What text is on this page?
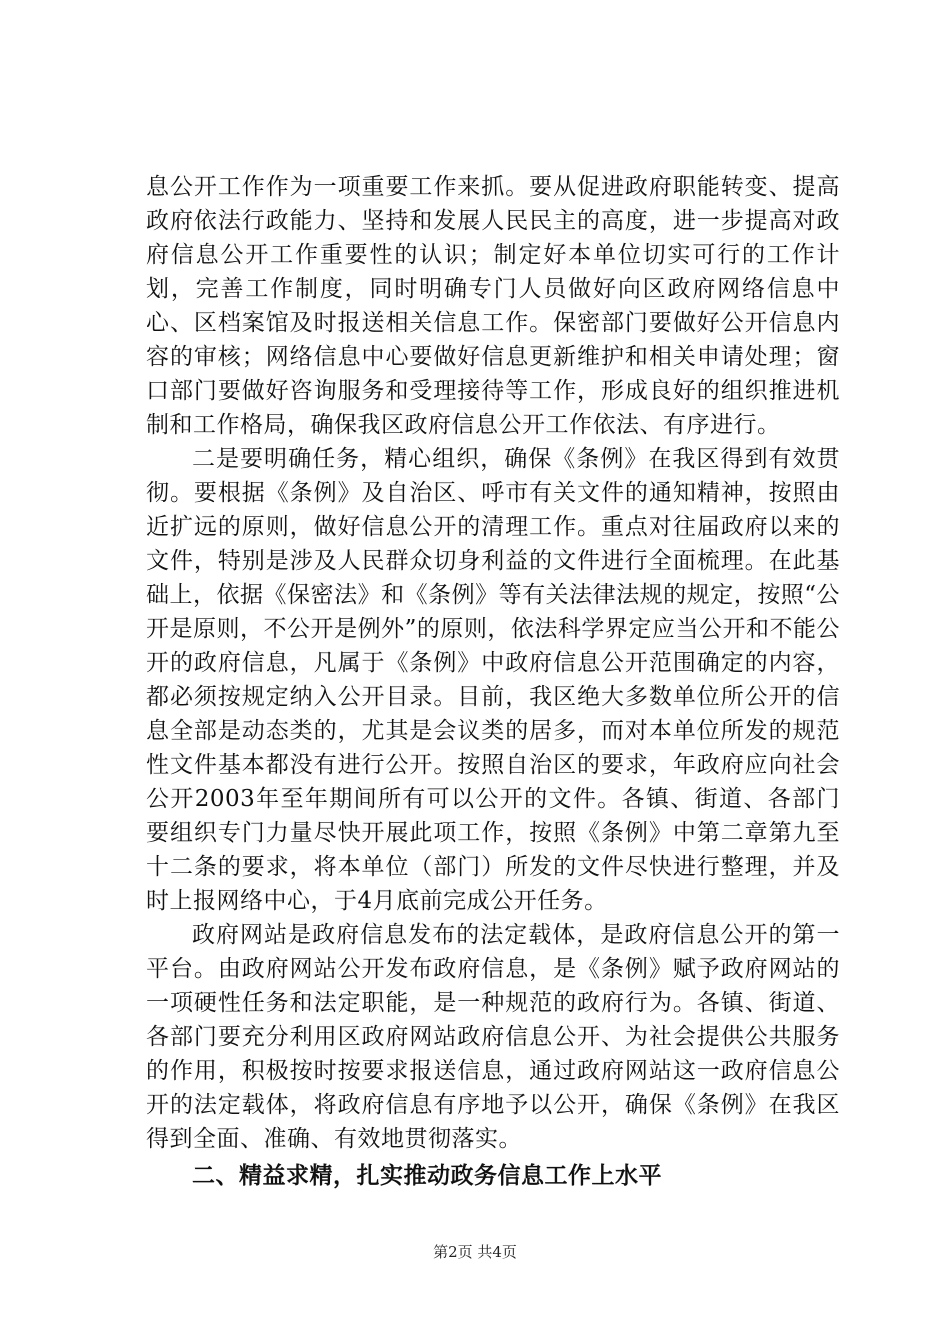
息公开工作作为一项重要工作来抓。要从促进政府职能转变、提高政府依法行政能力、坚持和发展人民民主的高度，进一步提高对政府信息公开工作重要性的认识；制定好本单位切实可行的工作计划，完善工作制度，同时明确专门人员做好向区政府网络信息中心、区档案馆及时报送相关信息工作。保密部门要做好公开信息内容的审核；网络信息中心要做好信息更新维护和相关申请处理；窗口部门要做好咨询服务和受理接待等工作，形成良好的组织推进机制和工作格局，确保我区政府信息公开工作依法、有序进行。

二是要明确任务，精心组织，确保《条例》在我区得到有效贯彻。要根据《条例》及自治区、呼市有关文件的通知精神，按照由近扩远的原则，做好信息公开的清理工作。重点对往届政府以来的文件，特别是涉及人民群众切身利益的文件进行全面梳理。在此基础上，依据《保密法》和《条例》等有关法律法规的规定，按照“公开是原则，不公开是例外”的原则，依法科学界定应当公开和不能公开的政府信息，凡属于《条例》中政府信息公开范围确定的内容，都必须按规定纳入公开目录。目前，我区绝大多数单位所公开的信息全部是动态类的，尤其是会议类的居多，而对本单位所发的规范性文件基本都没有进行公开。按照自治区的要求，年政府应向社会公开2003年至年期间所有可以公开的文件。各镇、街道、各部门要组织专门力量尽快开展此项工作，按照《条例》中第二章第九至十二条的要求，将本单位（部门）所发的文件尽快进行整理，并及时上报网络中心，于4月底前完成公开任务。

政府网站是政府信息发布的法定载体，是政府信息公开的第一平台。由政府网站公开发布政府信息，是《条例》赋予政府网站的一项硬性任务和法定职能，是一种规范的政府行为。各镇、街道、各部门要充分利用区政府网站政府信息公开、为社会提供公共服务的作用，积极按时按要求报送信息，通过政府网站这一政府信息公开的法定载体，将政府信息有序地予以公开，确保《条例》在我区得到全面、准确、有效地贯彻落实。

二、精益求精，扎实推动政务信息工作上水平

第2页 共4页
